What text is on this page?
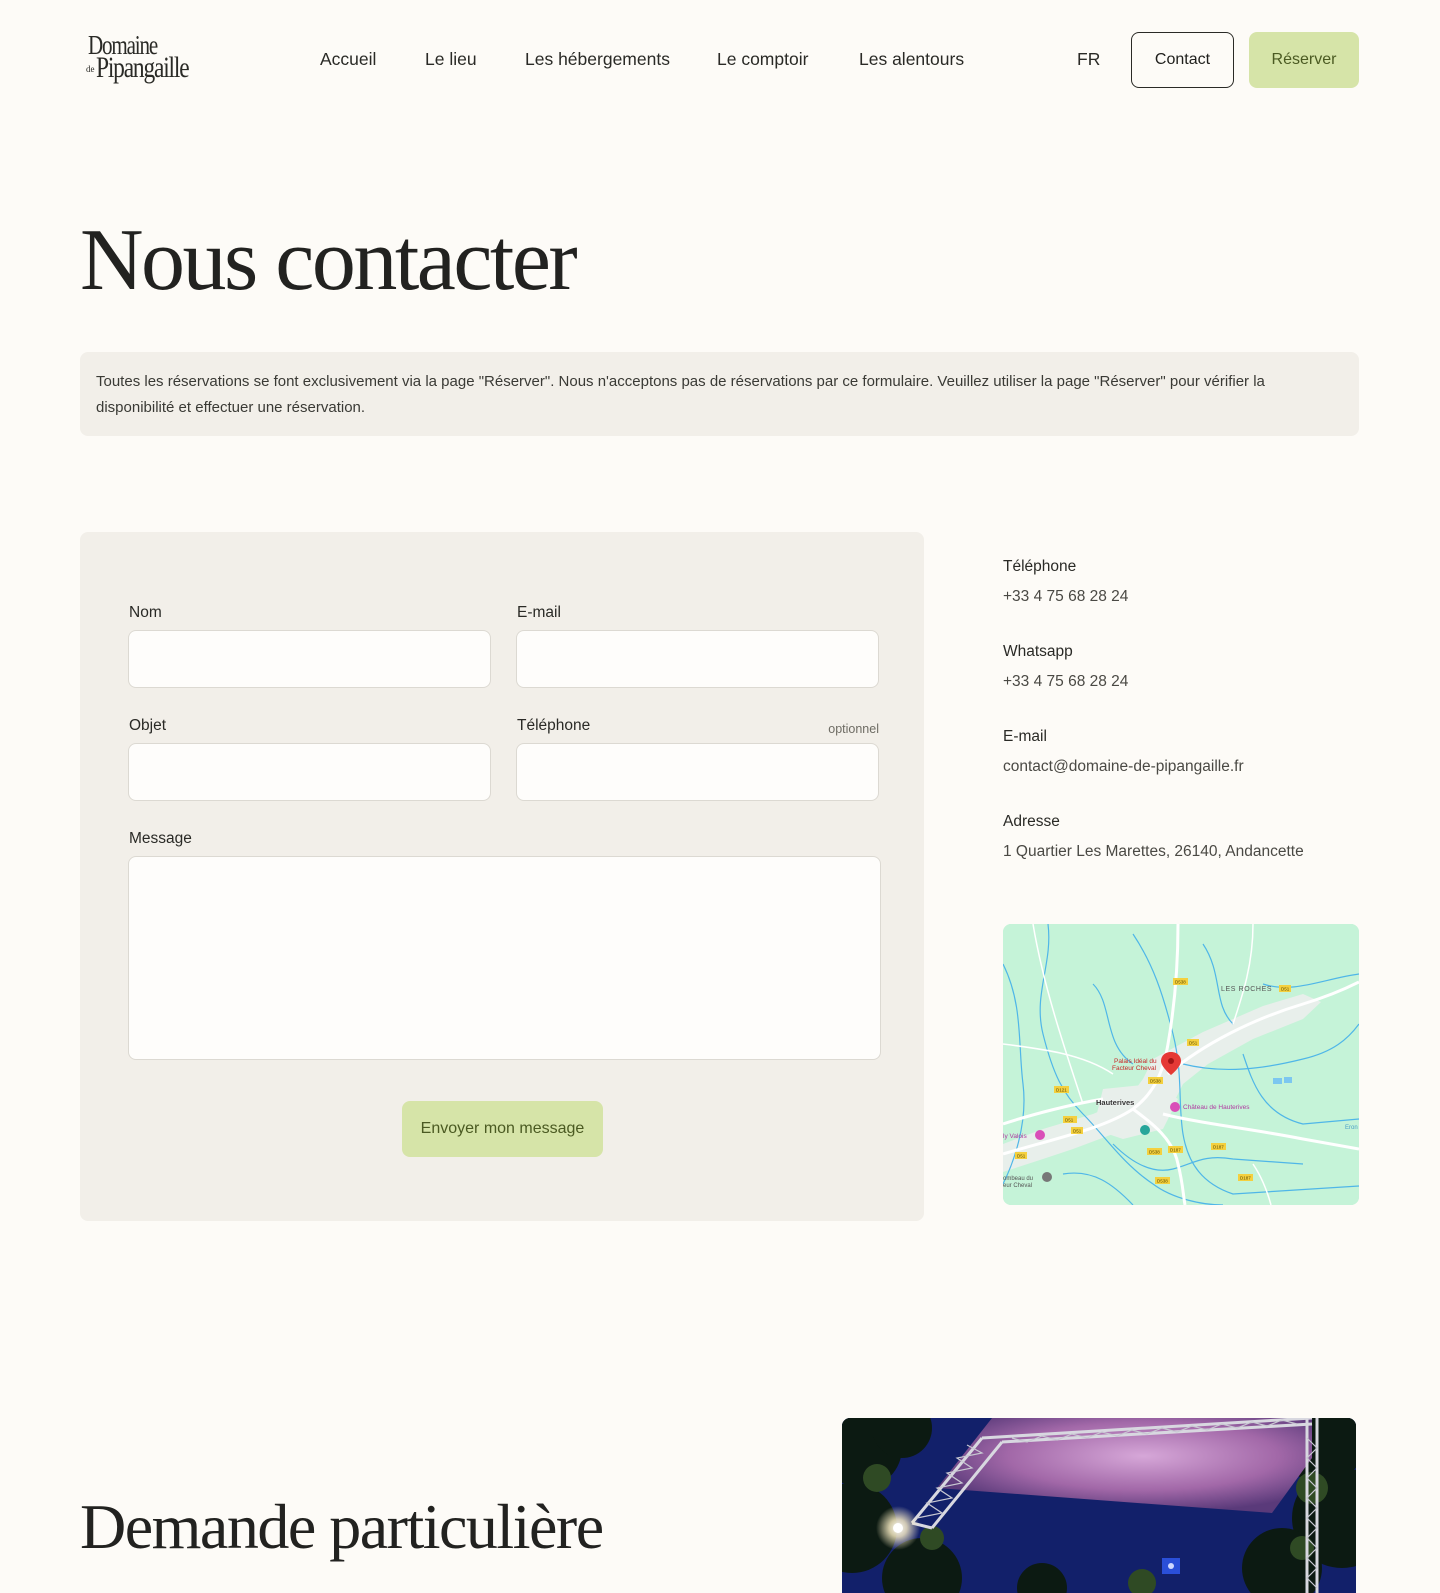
Domaine
de Pipangaille	Accueil	Le lieu	Les hébergements	Le comptoir	Les alentours	FR	Contact	Réserver
Nous contacter
Toutes les réservations se font exclusivement via la page "Réserver". Nous n'acceptons pas de réservations par ce formulaire. Veuillez utiliser la page "Réserver" pour vérifier la disponibilité et effectuer une réservation.
Nom	E-mail
Objet	Téléphone	optionnel
Message
Envoyer mon message
Téléphone
+33 4 75 68 28 24
Whatsapp
+33 4 75 68 28 24
E-mail
contact@domaine-de-pipangaille.fr
Adresse
1 Quartier Les Marettes, 26140, Andancette
D538
D51
D538
D121
D51
D51
D538
D51
D187
D187
D187
D538
D51
LES ROCHES
Palais Idéal du
Facteur Cheval
Hauterives
Château de Hauterives
ly Valois
ombeau du
eur Cheval
Eron
Demande particulière
